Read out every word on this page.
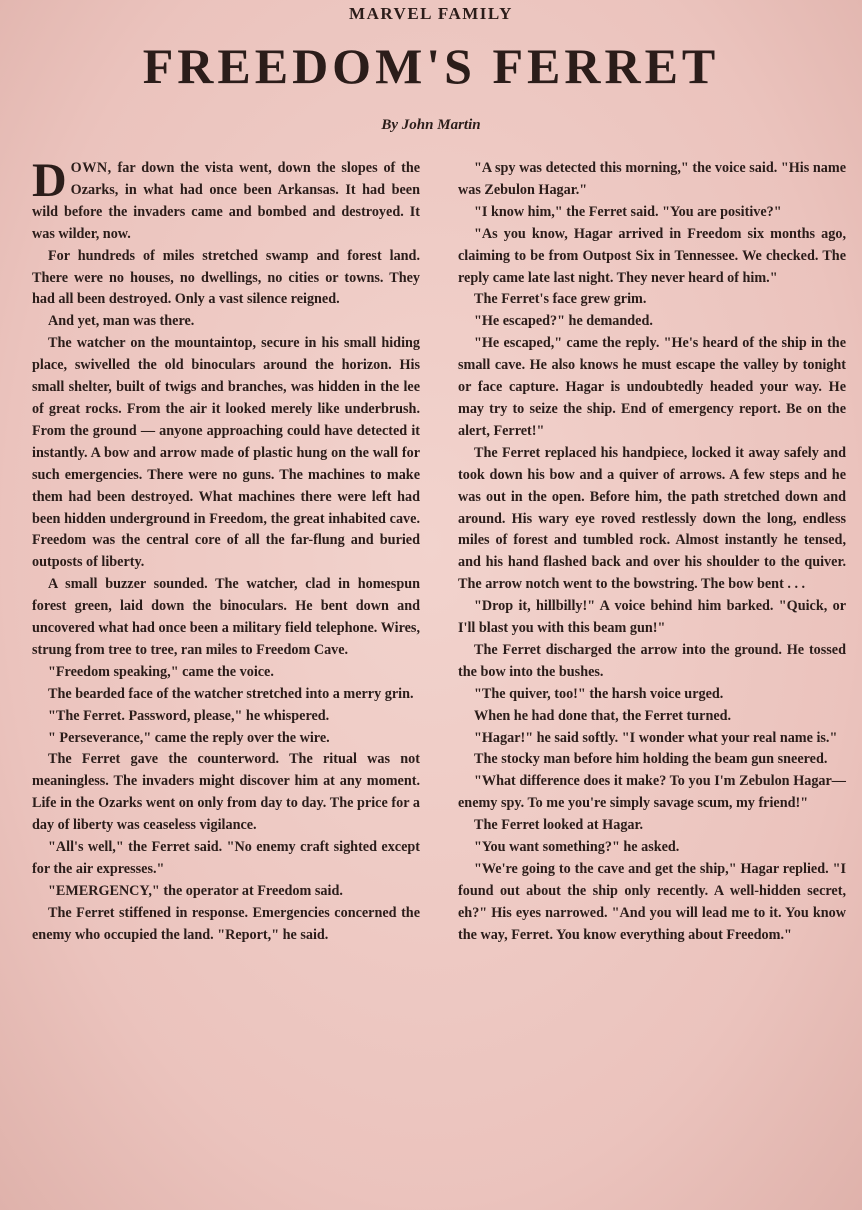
MARVEL FAMILY
FREEDOM'S FERRET
By John Martin

DOWN, far down the vista went, down the slopes of the Ozarks, in what had once been Arkansas. It had been wild before the invaders came and bombed and destroyed. It was wilder, now.

For hundreds of miles stretched swamp and forest land. There were no houses, no dwellings, no cities or towns. They had all been destroyed. Only a vast silence reigned.

And yet, man was there.

The watcher on the mountaintop, secure in his small hiding place, swivelled the old binoculars around the horizon. His small shelter, built of twigs and branches, was hidden in the lee of great rocks. From the air it looked merely like underbrush. From the ground — anyone approaching could have detected it instantly. A bow and arrow made of plastic hung on the wall for such emergencies. There were no guns. The machines to make them had been destroyed. What machines there were left had been hidden underground in Freedom, the great inhabited cave. Freedom was the central core of all the far-flung and buried outposts of liberty.

A small buzzer sounded. The watcher, clad in homespun forest green, laid down the binoculars. He bent down and uncovered what had once been a military field telephone. Wires, strung from tree to tree, ran miles to Freedom Cave.

"Freedom speaking," came the voice.

The bearded face of the watcher stretched into a merry grin.

"The Ferret. Password, please," he whispered.

" Perseverance," came the reply over the wire.

The Ferret gave the counterword. The ritual was not meaningless. The invaders might discover him at any moment. Life in the Ozarks went on only from day to day. The price for a day of liberty was ceaseless vigilance.

"All's well," the Ferret said. "No enemy craft sighted except for the air expresses."

"EMERGENCY," the operator at Freedom said.

The Ferret stiffened in response. Emergencies concerned the enemy who occupied the land. "Report," he said.

"A spy was detected this morning," the voice said. "His name was Zebulon Hagar."

"I know him," the Ferret said. "You are positive?"

"As you know, Hagar arrived in Freedom six months ago, claiming to be from Outpost Six in Tennessee. We checked. The reply came late last night. They never heard of him."

The Ferret's face grew grim.

"He escaped?" he demanded.

"He escaped," came the reply. "He's heard of the ship in the small cave. He also knows he must escape the valley by tonight or face capture. Hagar is undoubtedly headed your way. He may try to seize the ship. End of emergency report. Be on the alert, Ferret!"

The Ferret replaced his handpiece, locked it away safely and took down his bow and a quiver of arrows. A few steps and he was out in the open. Before him, the path stretched down and around. His wary eye roved restlessly down the long, endless miles of forest and tumbled rock. Almost instantly he tensed, and his hand flashed back and over his shoulder to the quiver. The arrow notch went to the bowstring. The bow bent . . .

"Drop it, hillbilly!" A voice behind him barked. "Quick, or I'll blast you with this beam gun!"

The Ferret discharged the arrow into the ground. He tossed the bow into the bushes.

"The quiver, too!" the harsh voice urged.

When he had done that, the Ferret turned.

"Hagar!" he said softly. "I wonder what your real name is."

The stocky man before him holding the beam gun sneered.

"What difference does it make? To you I'm Zebulon Hagar—enemy spy. To me you're simply savage scum, my friend!"

The Ferret looked at Hagar.

"You want something?" he asked.

"We're going to the cave and get the ship," Hagar replied. "I found out about the ship only recently. A well-hidden secret, eh?" His eyes narrowed. "And you will lead me to it. You know the way, Ferret. You know everything about Freedom."
